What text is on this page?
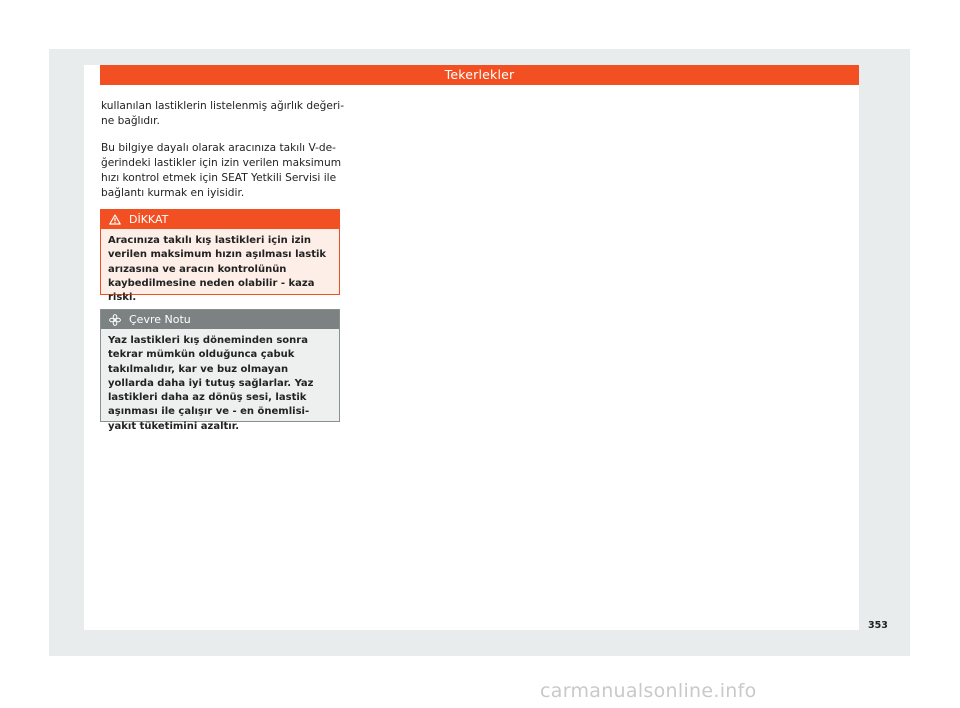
Tekerlekler
kullanılan lastiklerin listelenmiş ağırlık değerine bağlıdır.
Bu bilgiye dayalı olarak aracınıza takılı V-değerindeki lastikler için izin verilen maksimum hızı kontrol etmek için SEAT Yetkili Servisi ile bağlantı kurmak en iyisidir.
DİKKAT
Aracınıza takılı kış lastikleri için izin verilen maksimum hızın aşılması lastik arızasına ve aracın kontrolünün kaybedilmesine neden olabilir - kaza riski.
Çevre Notu
Yaz lastikleri kış döneminden sonra tekrar mümkün olduğunca çabuk takılmalıdır, kar ve buz olmayan yollarda daha iyi tutuş sağlarlar. Yaz lastikleri daha az dönüş sesi, lastik aşınması ile çalışır ve - en önemlisi- yakıt tüketimini azaltır.
353
carmanualsonline.info
